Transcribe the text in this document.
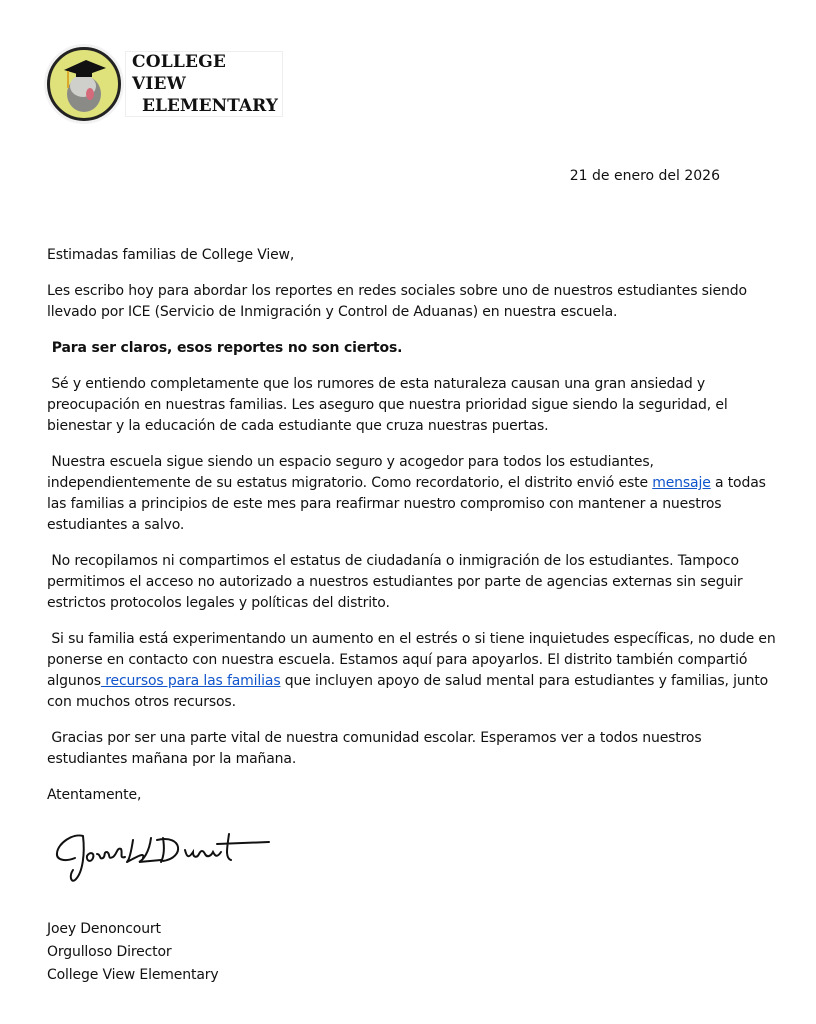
COLLEGE VIEW
ELEMENTARY
21 de enero del 2026

Estimadas familias de College View,

Les escribo hoy para abordar los reportes en redes sociales sobre uno de nuestros estudiantes siendo llevado por ICE (Servicio de Inmigración y Control de Aduanas) en nuestra escuela.

Para ser claros, esos reportes no son ciertos.

Sé y entiendo completamente que los rumores de esta naturaleza causan una gran ansiedad y preocupación en nuestras familias. Les aseguro que nuestra prioridad sigue siendo la seguridad, el bienestar y la educación de cada estudiante que cruza nuestras puertas.

Nuestra escuela sigue siendo un espacio seguro y acogedor para todos los estudiantes, independientemente de su estatus migratorio. Como recordatorio, el distrito envió este mensaje a todas las familias a principios de este mes para reafirmar nuestro compromiso con mantener a nuestros estudiantes a salvo.

No recopilamos ni compartimos el estatus de ciudadanía o inmigración de los estudiantes. Tampoco permitimos el acceso no autorizado a nuestros estudiantes por parte de agencias externas sin seguir estrictos protocolos legales y políticas del distrito.

Si su familia está experimentando un aumento en el estrés o si tiene inquietudes específicas, no dude en ponerse en contacto con nuestra escuela. Estamos aquí para apoyarlos. El distrito también compartió algunos recursos para las familias que incluyen apoyo de salud mental para estudiantes y familias, junto con muchos otros recursos.

Gracias por ser una parte vital de nuestra comunidad escolar. Esperamos ver a todos nuestros estudiantes mañana por la mañana.

Atentamente,

Joey Denoncourt
Orgulloso Director
College View Elementary
